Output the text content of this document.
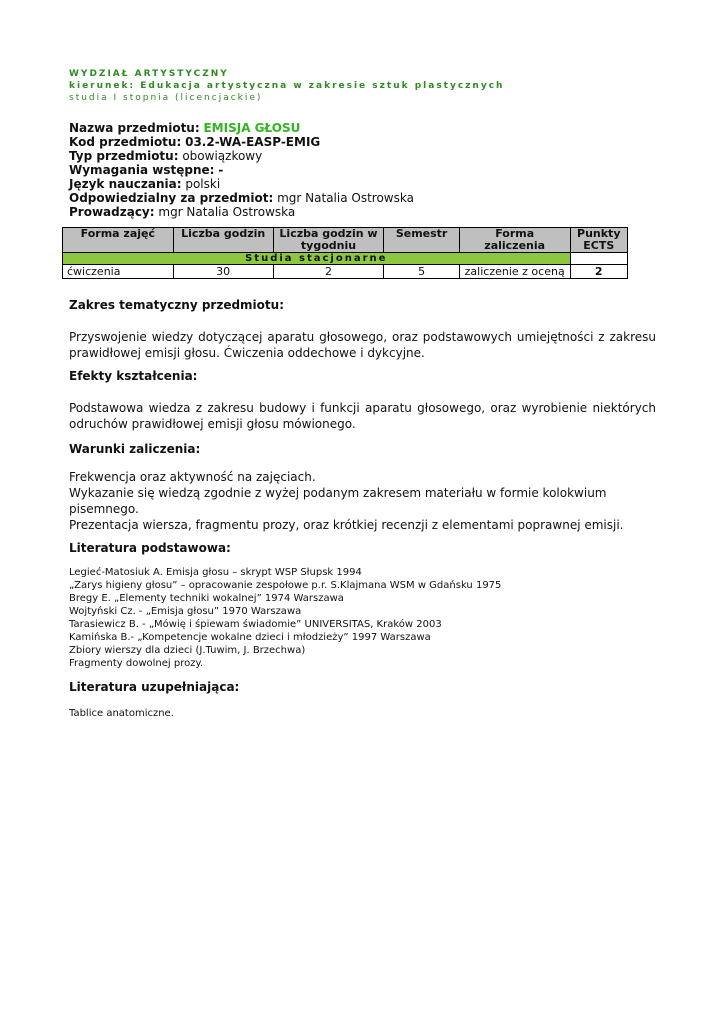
WYDZIAŁ ARTYSTYCZNY
kierunek: Edukacja artystyczna w zakresie sztuk plastycznych
studia I stopnia (licencjackie)
Nazwa przedmiotu: EMISJA GŁOSU
Kod przedmiotu: 03.2-WA-EASP-EMIG
Typ przedmiotu: obowiązkowy
Wymagania wstępne: -
Język nauczania: polski
Odpowiedzialny za przedmiot: mgr Natalia Ostrowska
Prowadzący: mgr Natalia Ostrowska
Forma zajęć	Liczba godzin	Liczba godzin w tygodniu	Semestr	Forma zaliczenia	Punkty ECTS
Studia stacjonarne					
ćwiczenia	30	2	5	zaliczenie z oceną	2
Zakres tematyczny przedmiotu:

Przyswojenie wiedzy dotyczącej aparatu głosowego, oraz podstawowych umiejętności z zakresu prawidłowej emisji głosu. Ćwiczenia oddechowe i dykcyjne.

Efekty kształcenia:

Podstawowa wiedza z zakresu budowy i funkcji aparatu głosowego, oraz wyrobienie niektórych odruchów prawidłowej emisji głosu mówionego.

Warunki zaliczenia:
Frekwencja oraz aktywność na zajęciach.
Wykazanie się wiedzą zgodnie z wyżej podanym zakresem materiału w formie kolokwium pisemnego.
Prezentacja wiersza, fragmentu prozy, oraz krótkiej recenzji z elementami poprawnej emisji.
Literatura podstawowa:
Legieć-Matosiuk A. Emisja głosu – skrypt WSP Słupsk 1994
„Zarys higieny głosu” – opracowanie zespołowe p.r. S.Klajmana WSM w Gdańsku 1975
Bregy E. „Elementy techniki wokalnej” 1974 Warszawa
Wojtyński Cz. - „Emisja głosu” 1970 Warszawa
Tarasiewicz B. - „Mówię i śpiewam świadomie” UNIVERSITAS, Kraków 2003
Kamińska B.- „Kompetencje wokalne dzieci i młodzieży” 1997 Warszawa
Zbiory wierszy dla dzieci (J.Tuwim, J. Brzechwa)
Fragmenty dowolnej prozy.
Literatura uzupełniająca:
Tablice anatomiczne.
